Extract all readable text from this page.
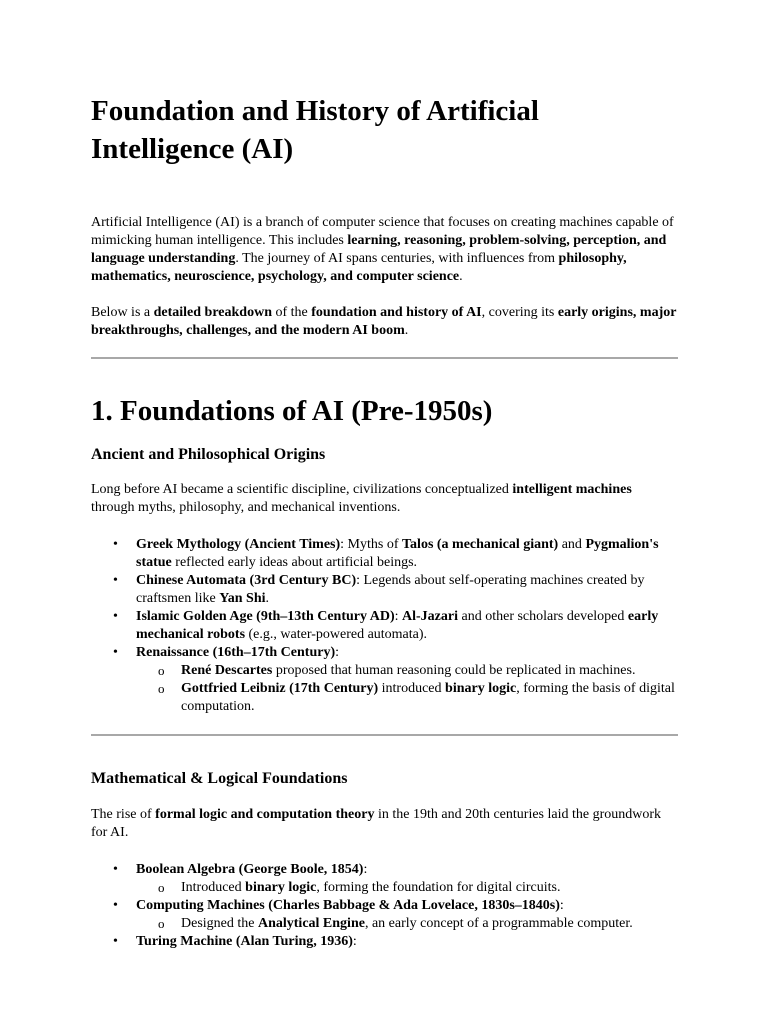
Foundation and History of Artificial Intelligence (AI)

Artificial Intelligence (AI) is a branch of computer science that focuses on creating machines capable of mimicking human intelligence. This includes learning, reasoning, problem-solving, perception, and language understanding. The journey of AI spans centuries, with influences from philosophy, mathematics, neuroscience, psychology, and computer science.

Below is a detailed breakdown of the foundation and history of AI, covering its early origins, major breakthroughs, challenges, and the modern AI boom.

1. Foundations of AI (Pre-1950s)
Ancient and Philosophical Origins

Long before AI became a scientific discipline, civilizations conceptualized intelligent machines through myths, philosophy, and mechanical inventions.

• Greek Mythology (Ancient Times): Myths of Talos (a mechanical giant) and Pygmalion's statue reflected early ideas about artificial beings.
• Chinese Automata (3rd Century BC): Legends about self-operating machines created by craftsmen like Yan Shi.
• Islamic Golden Age (9th–13th Century AD): Al-Jazari and other scholars developed early mechanical robots (e.g., water-powered automata).
• Renaissance (16th–17th Century):
o René Descartes proposed that human reasoning could be replicated in machines.
o Gottfried Leibniz (17th Century) introduced binary logic, forming the basis of digital computation.
Mathematical & Logical Foundations

The rise of formal logic and computation theory in the 19th and 20th centuries laid the groundwork for AI.

• Boolean Algebra (George Boole, 1854):
o Introduced binary logic, forming the foundation for digital circuits.
• Computing Machines (Charles Babbage & Ada Lovelace, 1830s–1840s):
o Designed the Analytical Engine, an early concept of a programmable computer.
• Turing Machine (Alan Turing, 1936):
